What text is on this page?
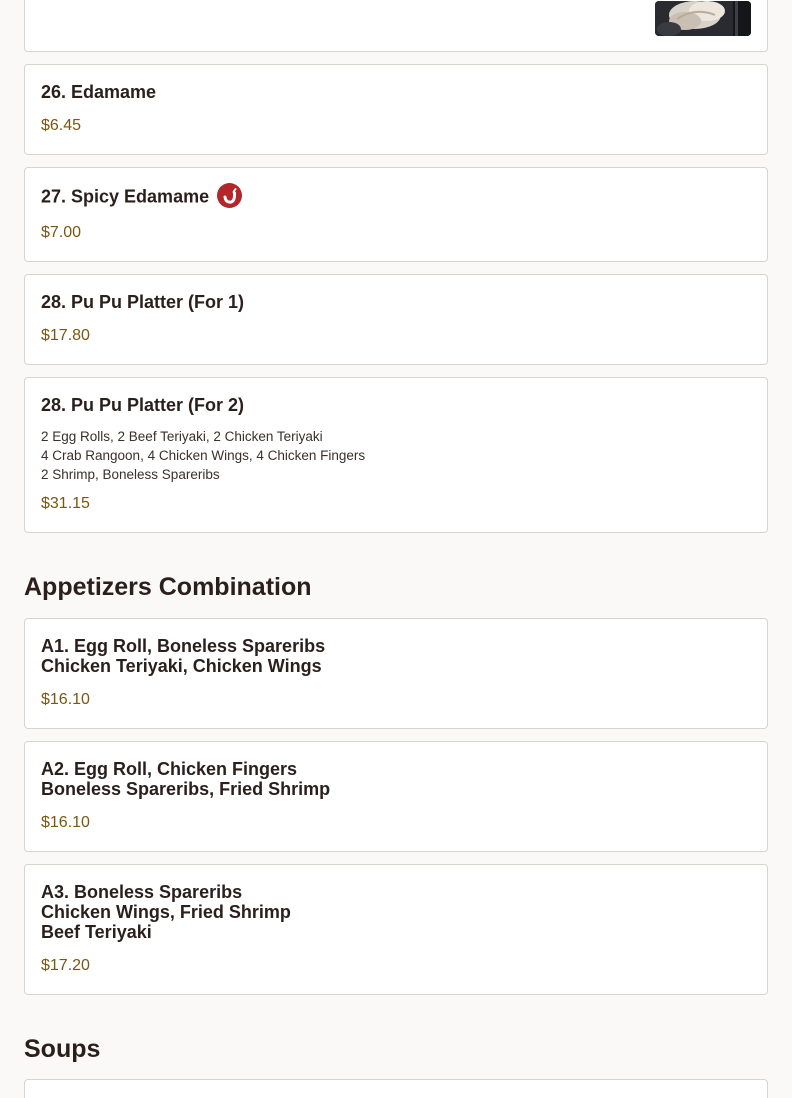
26. Edamame
$6.45
27. Spicy Edamame
$7.00
28. Pu Pu Platter (For 1)
$17.80
28. Pu Pu Platter (For 2)
2 Egg Rolls, 2 Beef Teriyaki, 2 Chicken Teriyaki
4 Crab Rangoon, 4 Chicken Wings, 4 Chicken Fingers
2 Shrimp, Boneless Spareribs
$31.15
Appetizers Combination
A1. Egg Roll, Boneless Spareribs
Chicken Teriyaki, Chicken Wings
$16.10
A2. Egg Roll, Chicken Fingers
Boneless Spareribs, Fried Shrimp
$16.10
A3. Boneless Spareribs
Chicken Wings, Fried Shrimp
Beef Teriyaki
$17.20
Soups
